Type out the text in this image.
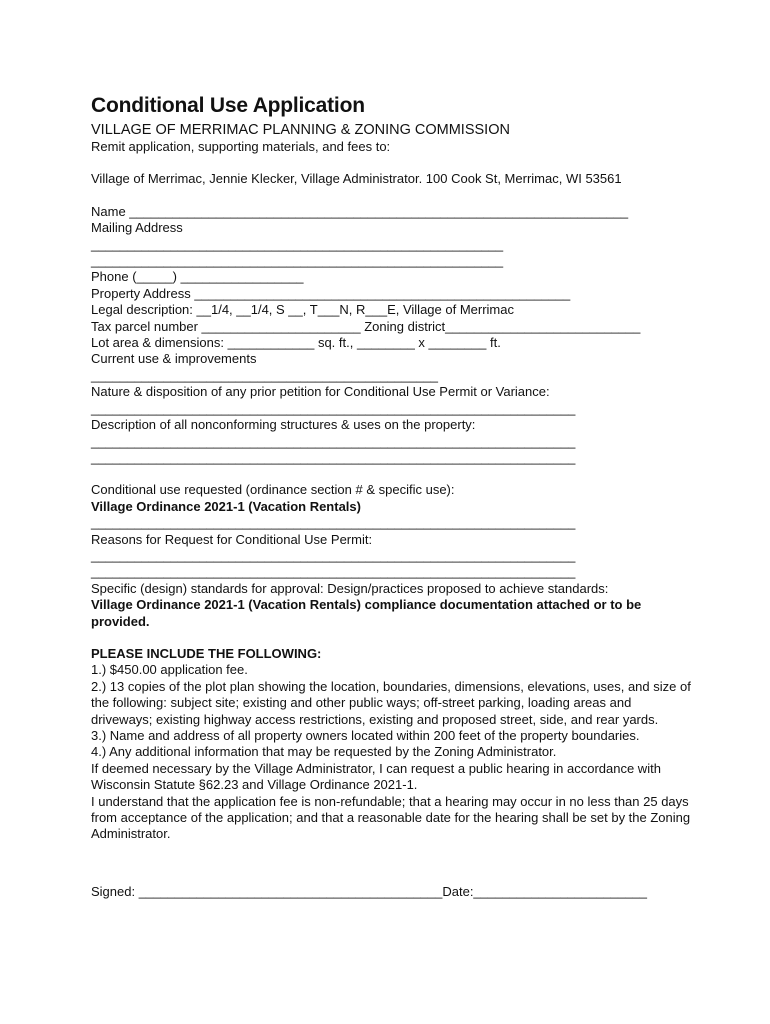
Conditional Use Application
VILLAGE OF MERRIMAC PLANNING & ZONING COMMISSION
Remit application, supporting materials, and fees to:
Village of Merrimac, Jennie Klecker, Village Administrator. 100 Cook St, Merrimac, WI 53561
Name _____________________________________________________________________
Mailing Address
_________________________________________________________
_________________________________________________________
Phone (_____) _________________
Property Address ____________________________________________________
Legal description: __1/4, __1/4, S __, T___N, R___E, Village of Merrimac
Tax parcel number ______________________ Zoning district___________________________
Lot area & dimensions: ____________ sq. ft., ________ x ________ ft.
Current use & improvements
________________________________________________
Nature & disposition of any prior petition for Conditional Use Permit or Variance:
___________________________________________________________________
Description of all nonconforming structures & uses on the property:
___________________________________________________________________
___________________________________________________________________
Conditional use requested (ordinance section # & specific use):
Village Ordinance 2021-1 (Vacation Rentals)
___________________________________________________________________
Reasons for Request for Conditional Use Permit:
___________________________________________________________________
___________________________________________________________________
Specific (design) standards for approval: Design/practices proposed to achieve standards:
Village Ordinance 2021-1 (Vacation Rentals) compliance documentation attached or to be provided.
PLEASE INCLUDE THE FOLLOWING:
1.) $450.00 application fee.
2.) 13 copies of the plot plan showing the location, boundaries, dimensions, elevations, uses, and size of the following: subject site; existing and other public ways; off-street parking, loading areas and driveways; existing highway access restrictions, existing and proposed street, side, and rear yards.
3.) Name and address of all property owners located within 200 feet of the property boundaries.
4.) Any additional information that may be requested by the Zoning Administrator.
If deemed necessary by the Village Administrator, I can request a public hearing in accordance with Wisconsin Statute §62.23 and Village Ordinance 2021-1.
I understand that the application fee is non-refundable; that a hearing may occur in no less than 25 days from acceptance of the application; and that a reasonable date for the hearing shall be set by the Zoning Administrator.
Signed: __________________________________________Date:________________________
